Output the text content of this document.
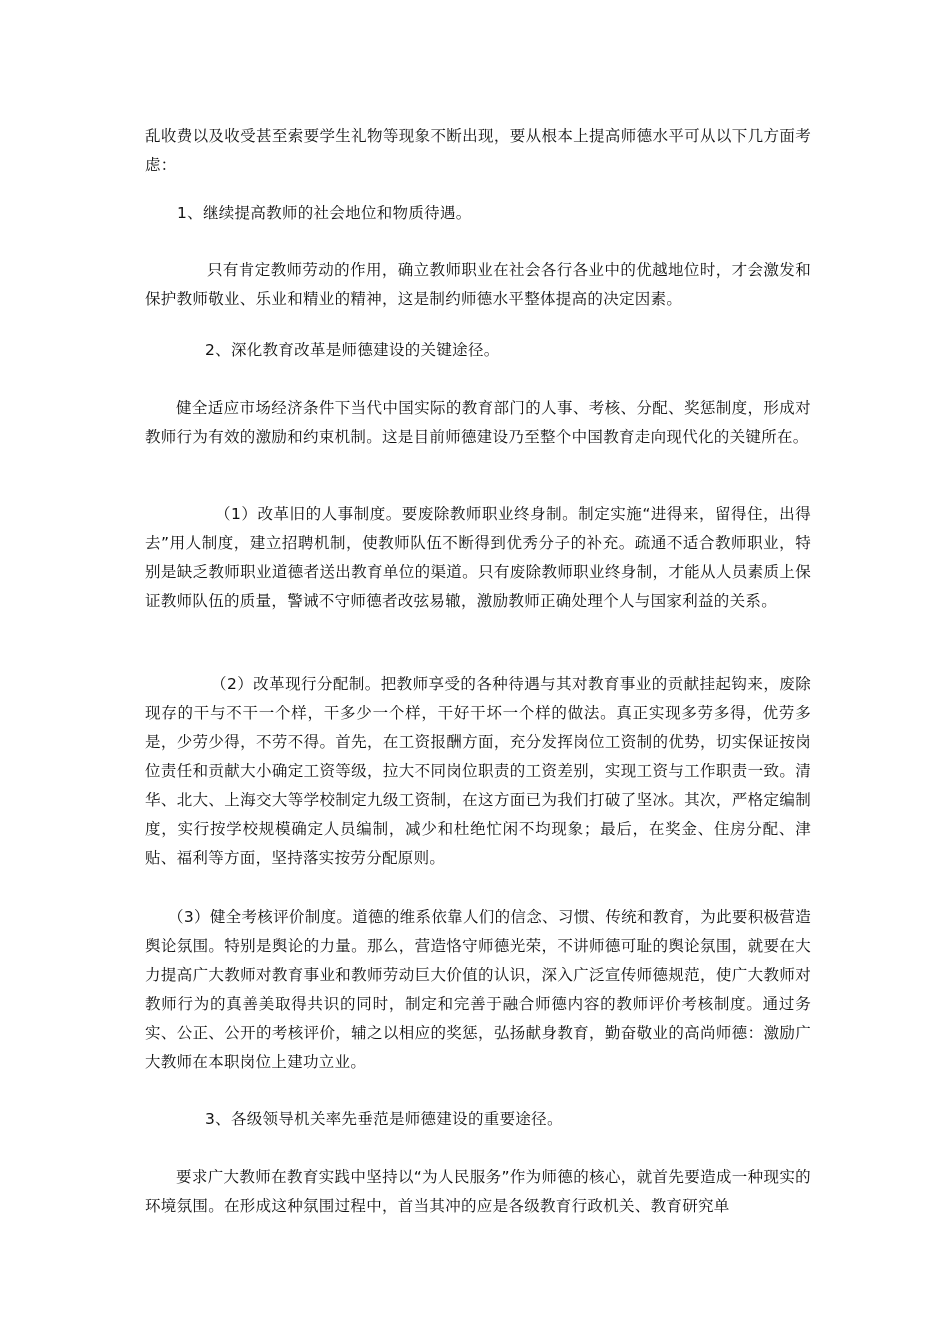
乱收费以及收受甚至索要学生礼物等现象不断出现，要从根本上提高师德水平可从以下几方面考虑：

1、继续提高教师的社会地位和物质待遇。

只有肯定教师劳动的作用，确立教师职业在社会各行各业中的优越地位时，才会激发和保护教师敬业、乐业和精业的精神，这是制约师德水平整体提高的决定因素。

2、深化教育改革是师德建设的关键途径。

健全适应市场经济条件下当代中国实际的教育部门的人事、考核、分配、奖惩制度，形成对教师行为有效的激励和约束机制。这是目前师德建设乃至整个中国教育走向现代化的关键所在。

（1）改革旧的人事制度。要废除教师职业终身制。制定实施“进得来，留得住，出得去”用人制度，建立招聘机制，使教师队伍不断得到优秀分子的补充。疏通不适合教师职业，特别是缺乏教师职业道德者送出教育单位的渠道。只有废除教师职业终身制，才能从人员素质上保证教师队伍的质量，警诫不守师德者改弦易辙，激励教师正确处理个人与国家利益的关系。

（2）改革现行分配制。把教师享受的各种待遇与其对教育事业的贡献挂起钩来，废除现存的干与不干一个样，干多少一个样，干好干坏一个样的做法。真正实现多劳多得，优劳多是，少劳少得，不劳不得。首先，在工资报酬方面，充分发挥岗位工资制的优势，切实保证按岗位责任和贡献大小确定工资等级，拉大不同岗位职责的工资差别，实现工资与工作职责一致。清华、北大、上海交大等学校制定九级工资制，在这方面已为我们打破了坚冰。其次，严格定编制度，实行按学校规模确定人员编制，减少和杜绝忙闲不均现象；最后，在奖金、住房分配、津贴、福利等方面，坚持落实按劳分配原则。

（3）健全考核评价制度。道德的维系依靠人们的信念、习惯、传统和教育，为此要积极营造舆论氛围。特别是舆论的力量。那么，营造恪守师德光荣，不讲师德可耻的舆论氛围，就要在大力提高广大教师对教育事业和教师劳动巨大价值的认识，深入广泛宣传师德规范，使广大教师对教师行为的真善美取得共识的同时，制定和完善于融合师德内容的教师评价考核制度。通过务实、公正、公开的考核评价，辅之以相应的奖惩，弘扬献身教育，勤奋敬业的高尚师德：激励广大教师在本职岗位上建功立业。

3、各级领导机关率先垂范是师德建设的重要途径。

要求广大教师在教育实践中坚持以“为人民服务”作为师德的核心，就首先要造成一种现实的环境氛围。在形成这种氛围过程中，首当其冲的应是各级教育行政机关、教育研究单
